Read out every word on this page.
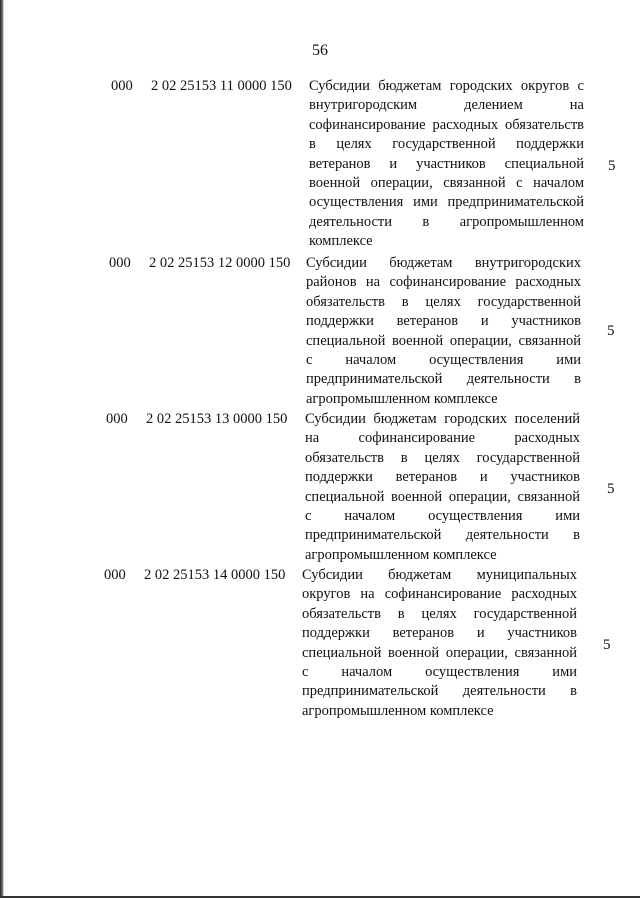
56
000 2 02 25153 11 0000 150 Субсидии бюджетам городских округов с внутригородским делением на софинансирование расходных обязательств в целях государственной поддержки ветеранов и участников специальной военной операции, связанной с началом осуществления ими предпринимательской деятельности в агропромышленном комплексе
5
000 2 02 25153 12 0000 150 Субсидии бюджетам внутригородских районов на софинансирование расходных обязательств в целях государственной поддержки ветеранов и участников специальной военной операции, связанной с началом осуществления ими предпринимательской деятельности в агропромышленном комплексе
5
000 2 02 25153 13 0000 150 Субсидии бюджетам городских поселений на софинансирование расходных обязательств в целях государственной поддержки ветеранов и участников специальной военной операции, связанной с началом осуществления ими предпринимательской деятельности в агропромышленном комплексе
5
000 2 02 25153 14 0000 150 Субсидии бюджетам муниципальных округов на софинансирование расходных обязательств в целях государственной поддержки ветеранов и участников специальной военной операции, связанной с началом осуществления ими предпринимательской деятельности в агропромышленном комплексе
5
